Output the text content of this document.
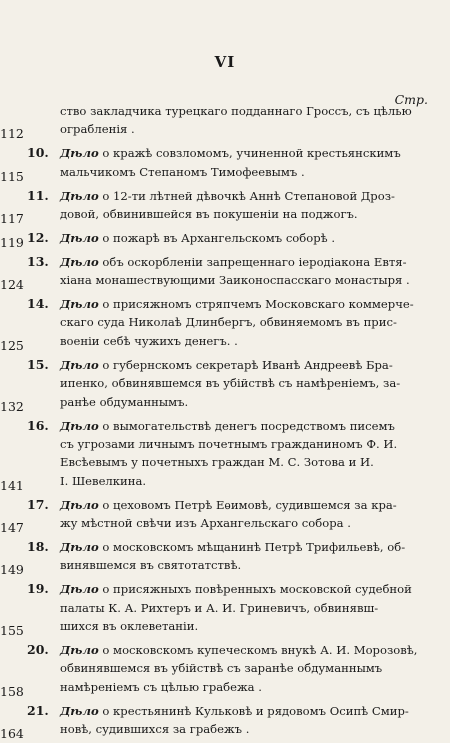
VI
Стр.
ство закладчика турецкаго подданнаго Гроссъ, съ цѣлью
ограбленія .
112
10. Дѣло о кражѣ совзломомъ, учиненной крестьянскимъ
мальчикомъ Степаномъ Тимофеевымъ .
115
11. Дѣло о 12-ти лѣтней дѣвочкѣ Аннѣ Степановой Дроз-
довой, обвинившейся въ покушеніи на поджогъ.
117
12. Дѣло о пожарѣ въ Архангельскомъ соборѣ .
119
13. Дѣло объ оскорбленіи запрещеннаго іеродіакона Евтя-
хіана монашествующими Заиконоспасскаго монастыря .
124
14. Дѣло о присяжномъ стряпчемъ Московскаго коммерче-
скаго суда Николаѣ Длинбергъ, обвиняемомъ въ прис-
военіи себѣ чужихъ денегъ. .
125
15. Дѣло о губернскомъ секретарѣ Иванѣ Андреевѣ Бра-
ипенко, обвинявшемся въ убійствѣ съ намѣреніемъ, за-
ранѣе обдуманнымъ.
132
16. Дѣло о вымогательствѣ денегъ посредствомъ писемъ
съ угрозами личнымъ почетнымъ гражданиномъ Ф. И.
Евсѣевымъ у почетныхъ граждан М. С. Зотова и И.
І. Шевелкина.
141
17. Дѣло о цеховомъ Петрѣ Еѳимовѣ, судившемся за кра-
жу мѣстной свѣчи изъ Архангельскаго собора .
147
18. Дѣло о московскомъ мѣщанинѣ Петрѣ Трифильевѣ, об-
винявшемся въ святотатствѣ.
149
19. Дѣло о присяжныхъ повѣренныхъ московской судебной
палаты К. А. Рихтеръ и А. И. Гриневичъ, обвинявш-
шихся въ оклеветаніи.
155
20. Дѣло о московскомъ купеческомъ внукѣ А. И. Морозовѣ,
обвинявшемся въ убійствѣ съ заранѣе обдуманнымъ
намѣреніемъ съ цѣлью грабежа .
158
21. Дѣло о крестьянинѣ Кульковѣ и рядовомъ Осипѣ Смир-
новѣ, судившихся за грабежъ .
164
